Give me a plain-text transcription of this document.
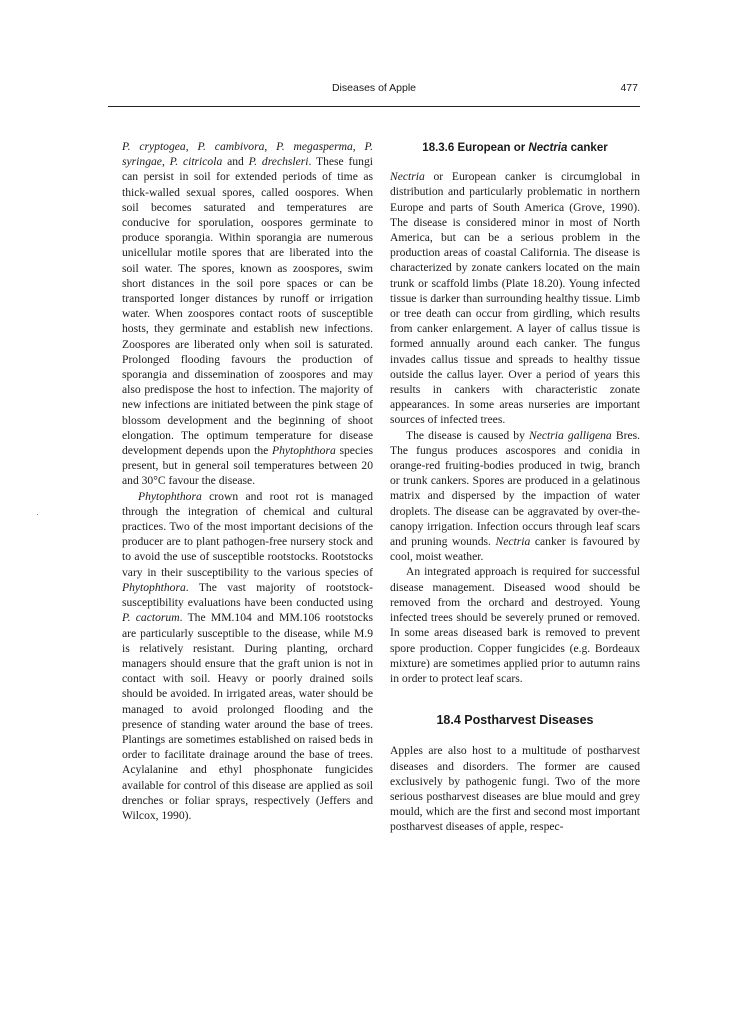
Diseases of Apple	477

P. cryptogea, P. cambivora, P. megasperma, P. syringae, P. citricola and P. drechsleri. These fungi can persist in soil for extended periods of time as thick-walled sexual spores, called oospores. When soil becomes saturated and temperatures are conducive for sporulation, oospores germinate to produce sporangia. Within sporangia are numerous unicellular motile spores that are liberated into the soil water. The spores, known as zoospores, swim short distances in the soil pore spaces or can be transported longer distances by runoff or irrigation water. When zoospores contact roots of susceptible hosts, they germinate and establish new infections. Zoospores are liberated only when soil is saturated. Prolonged flooding favours the production of sporangia and dissemination of zoospores and may also predispose the host to infection. The majority of new infections are initiated between the pink stage of blossom development and the beginning of shoot elongation. The optimum temperature for disease development depends upon the Phytophthora species present, but in general soil temperatures between 20 and 30°C favour the disease.

Phytophthora crown and root rot is managed through the integration of chemical and cultural practices. Two of the most important decisions of the producer are to plant pathogen-free nursery stock and to avoid the use of susceptible rootstocks. Rootstocks vary in their susceptibility to the various species of Phytophthora. The vast majority of rootstock-susceptibility evaluations have been conducted using P. cactorum. The MM.104 and MM.106 rootstocks are particularly susceptible to the disease, while M.9 is relatively resistant. During planting, orchard managers should ensure that the graft union is not in contact with soil. Heavy or poorly drained soils should be avoided. In irrigated areas, water should be managed to avoid prolonged flooding and the presence of standing water around the base of trees. Plantings are sometimes established on raised beds in order to facilitate drainage around the base of trees. Acylalanine and ethyl phosphonate fungicides available for control of this disease are applied as soil drenches or foliar sprays, respectively (Jeffers and Wilcox, 1990).

18.3.6 European or Nectria canker

Nectria or European canker is circumglobal in distribution and particularly problematic in northern Europe and parts of South America (Grove, 1990). The disease is considered minor in most of North America, but can be a serious problem in the production areas of coastal California. The disease is characterized by zonate cankers located on the main trunk or scaffold limbs (Plate 18.20). Young infected tissue is darker than surrounding healthy tissue. Limb or tree death can occur from girdling, which results from canker enlargement. A layer of callus tissue is formed annually around each canker. The fungus invades callus tissue and spreads to healthy tissue outside the callus layer. Over a period of years this results in cankers with characteristic zonate appearances. In some areas nurseries are important sources of infected trees.

The disease is caused by Nectria galligena Bres. The fungus produces ascospores and conidia in orange-red fruiting-bodies produced in twig, branch or trunk cankers. Spores are produced in a gelatinous matrix and dispersed by the impaction of water droplets. The disease can be aggravated by over-the-canopy irrigation. Infection occurs through leaf scars and pruning wounds. Nectria canker is favoured by cool, moist weather.

An integrated approach is required for successful disease management. Diseased wood should be removed from the orchard and destroyed. Young infected trees should be severely pruned or removed. In some areas diseased bark is removed to prevent spore production. Copper fungicides (e.g. Bordeaux mixture) are sometimes applied prior to autumn rains in order to protect leaf scars.

18.4 Postharvest Diseases

Apples are also host to a multitude of postharvest diseases and disorders. The former are caused exclusively by pathogenic fungi. Two of the more serious postharvest diseases are blue mould and grey mould, which are the first and second most important postharvest diseases of apple, respec-
